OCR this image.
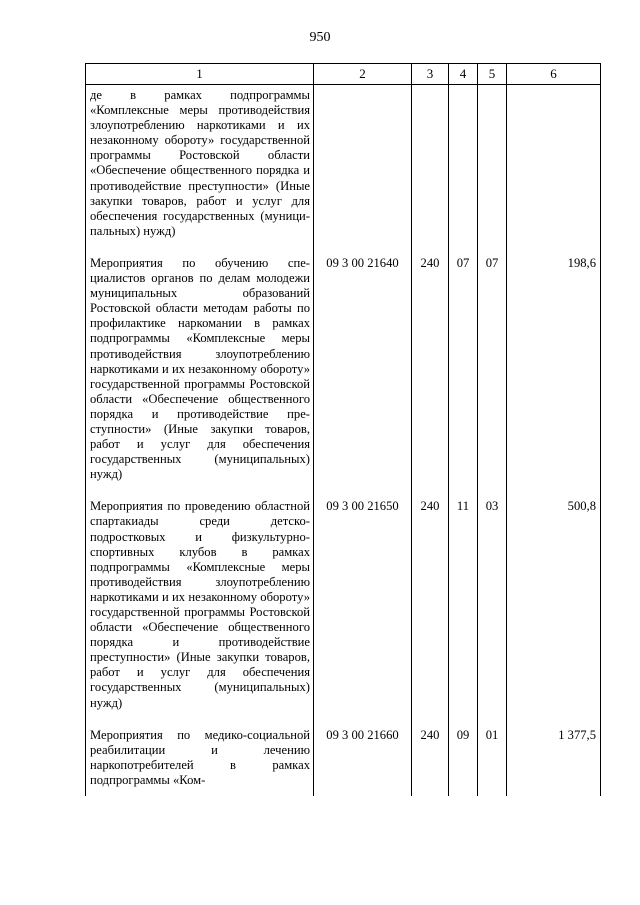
950
1	2	3	4	5	6
де в рамках подпрограммы «Комплексные меры противодействия злоупотреблению наркотиками и их незаконному обороту» государственной программы Ростовской области «Обеспечение общественного порядка и противодействие преступности» (Иные закупки товаров, работ и услуг для обеспечения государственных (муниципальных) нужд)					
Мероприятия по обучению специалистов органов по делам молодежи муниципальных образований Ростовской области методам работы по профилактике наркомании в рамках подпрограммы «Комплексные меры противодействия злоупотреблению наркотиками и их незаконному обороту» государственной программы Ростовской области «Обеспечение общественного порядка и противодействие преступности» (Иные закупки товаров, работ и услуг для обеспечения государственных (муниципальных) нужд)	09 3 00 21640	240	07	07	198,6
Мероприятия по проведению областной спартакиады среди детско-подростковых и физкультурно-спортивных клубов в рамках подпрограммы «Комплексные меры противодействия злоупотреблению наркотиками и их незаконному обороту» государственной программы Ростовской области «Обеспечение общественного порядка и противодействие преступности» (Иные закупки товаров, работ и услуг для обеспечения государственных (муниципальных) нужд)	09 3 00 21650	240	11	03	500,8
Мероприятия по медико-социальной реабилитации и лечению наркопотребителей в рамках подпрограммы «Ком-	09 3 00 21660	240	09	01	1 377,5
